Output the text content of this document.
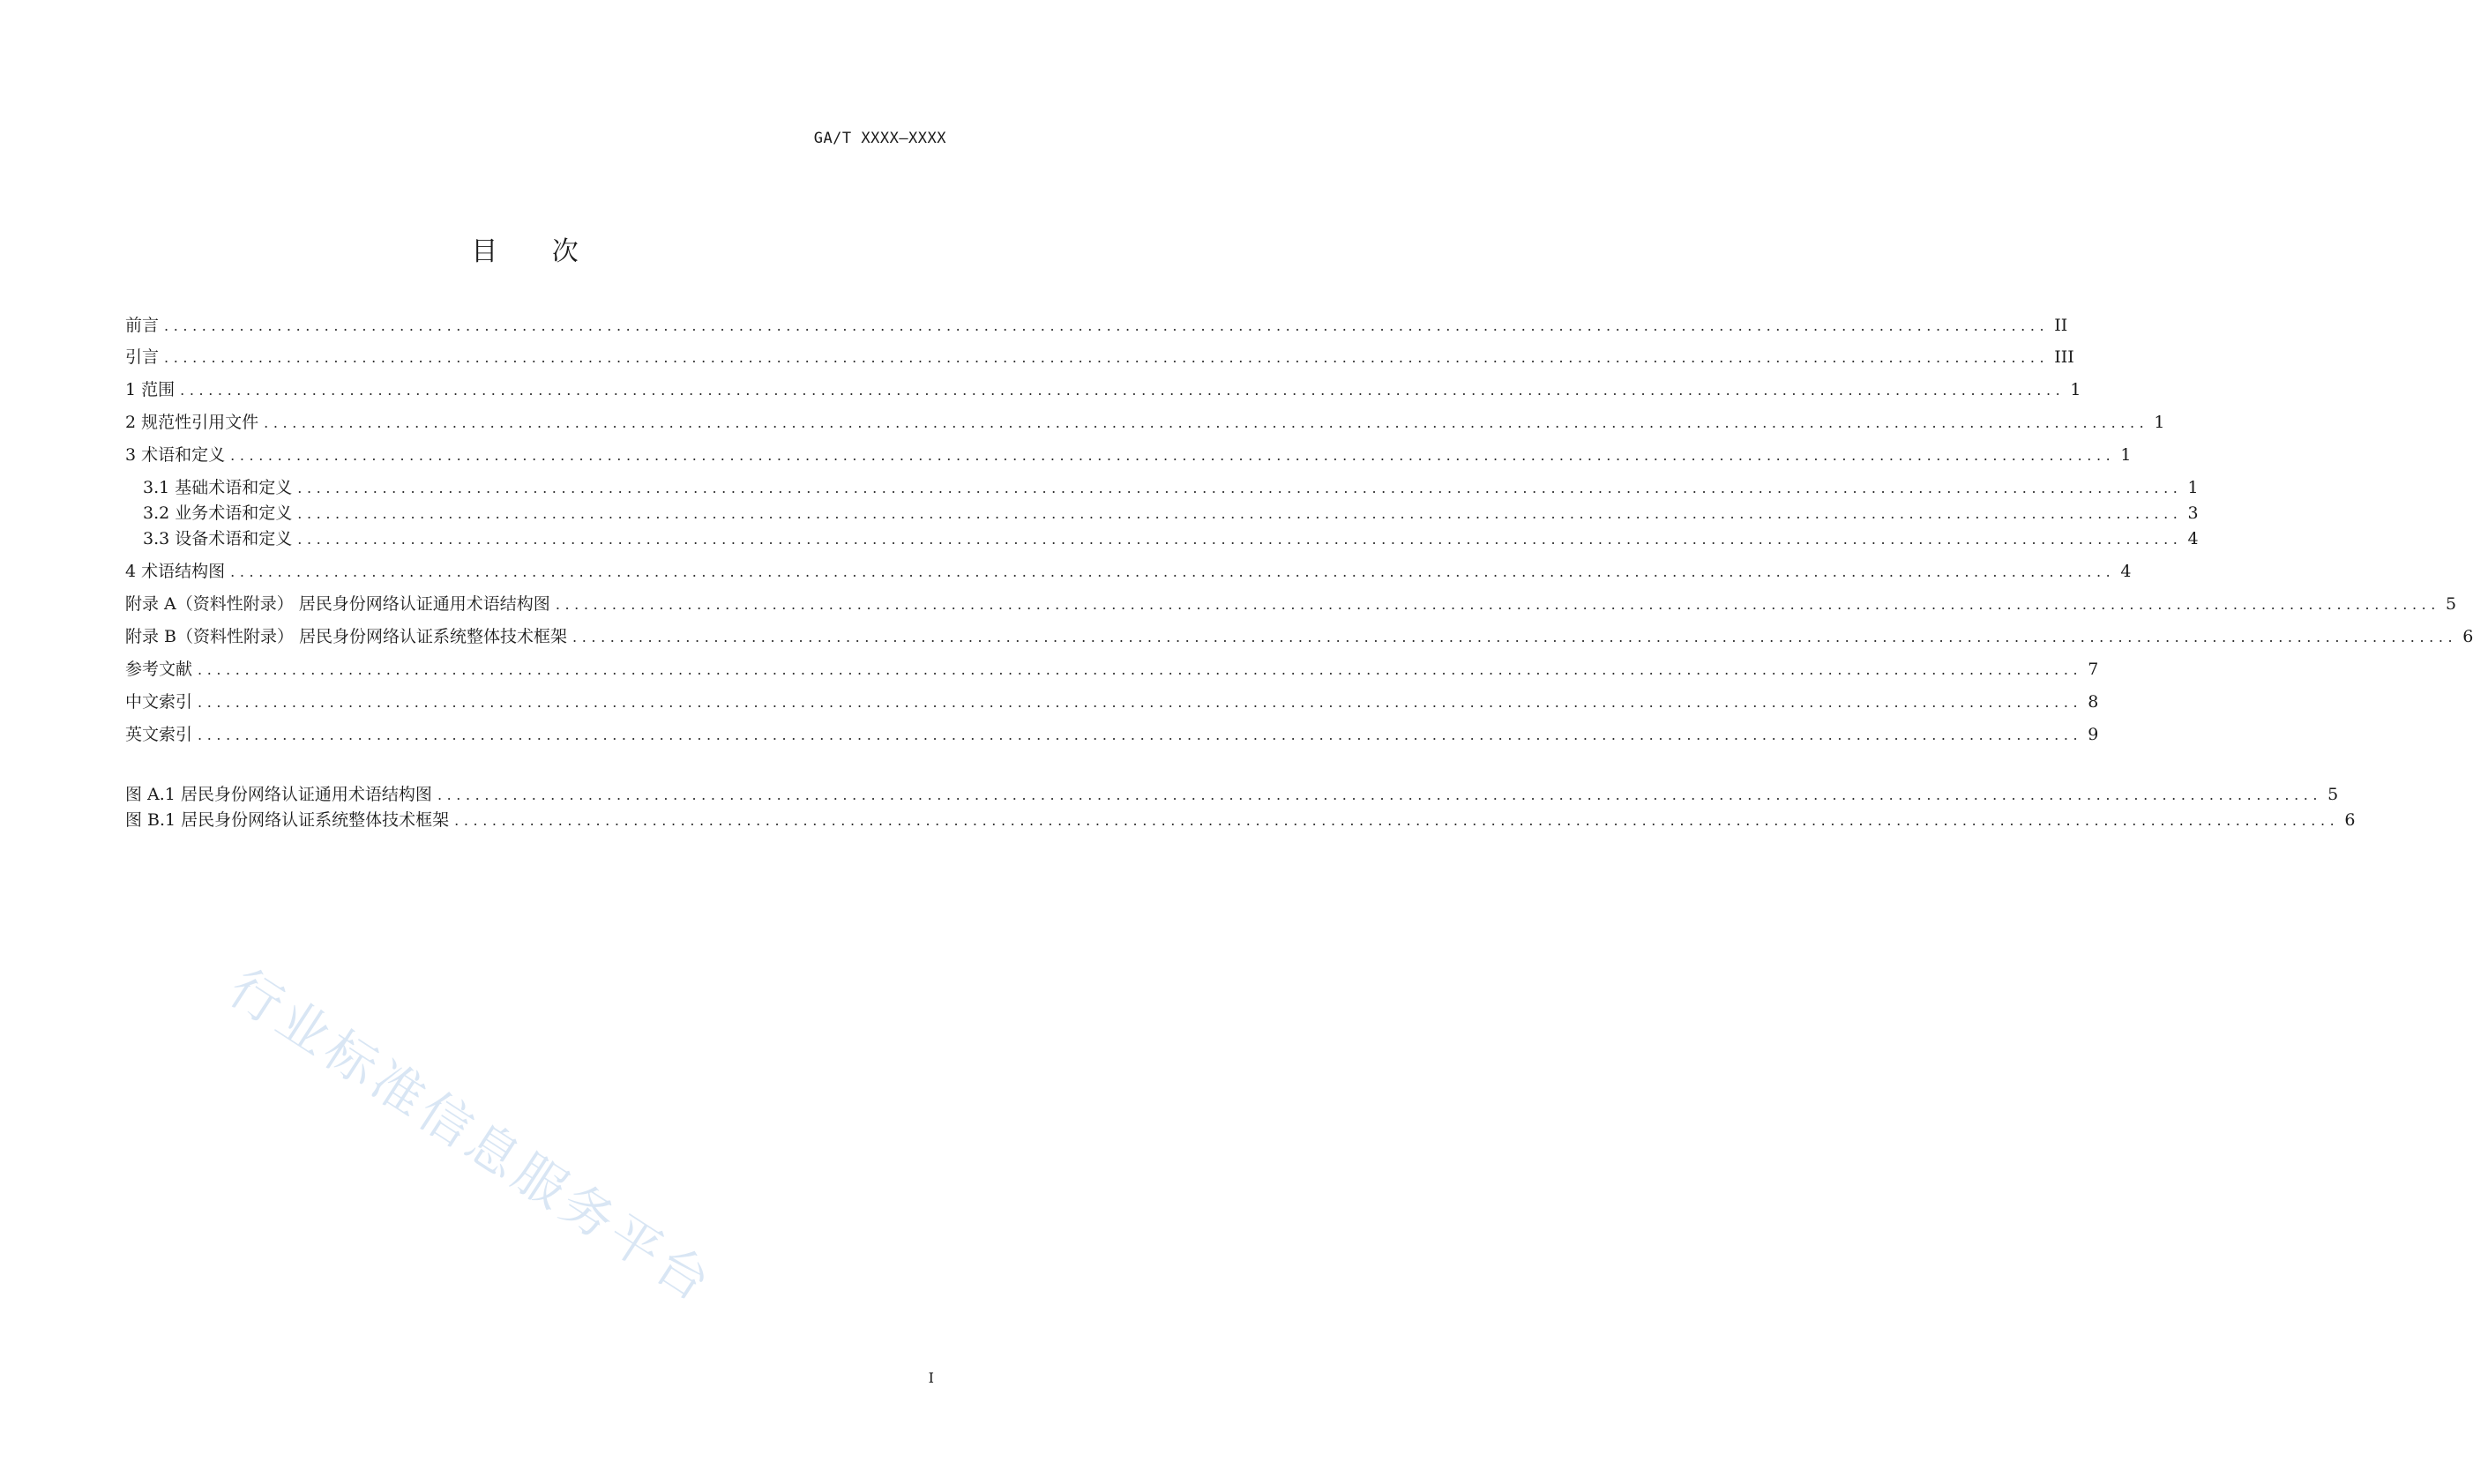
GA/T XXXX—XXXX
目 次
前言 ........................................................................................................................................................................................................ II
引言 ........................................................................................................................................................................................................ III
1 范围 ........................................................................................................................................................................................................ 1
2 规范性引用文件 ........................................................................................................................................................................................................ 1
3 术语和定义 ........................................................................................................................................................................................................ 1
3.1 基础术语和定义 ........................................................................................................................................................................................................ 1
3.2 业务术语和定义 ........................................................................................................................................................................................................ 3
3.3 设备术语和定义 ........................................................................................................................................................................................................ 4
4 术语结构图 ........................................................................................................................................................................................................ 4
附录 A（资料性附录） 居民身份网络认证通用术语结构图 ........................................................................................................................................................................................................ 5
附录 B（资料性附录） 居民身份网络认证系统整体技术框架 ........................................................................................................................................................................................................ 6
参考文献 ........................................................................................................................................................................................................ 7
中文索引 ........................................................................................................................................................................................................ 8
英文索引 ........................................................................................................................................................................................................ 9
图 A.1 居民身份网络认证通用术语结构图 ........................................................................................................................................................................................................ 5
图 B.1 居民身份网络认证系统整体技术框架 ........................................................................................................................................................................................................ 6
行业标准信息服务平台
I
